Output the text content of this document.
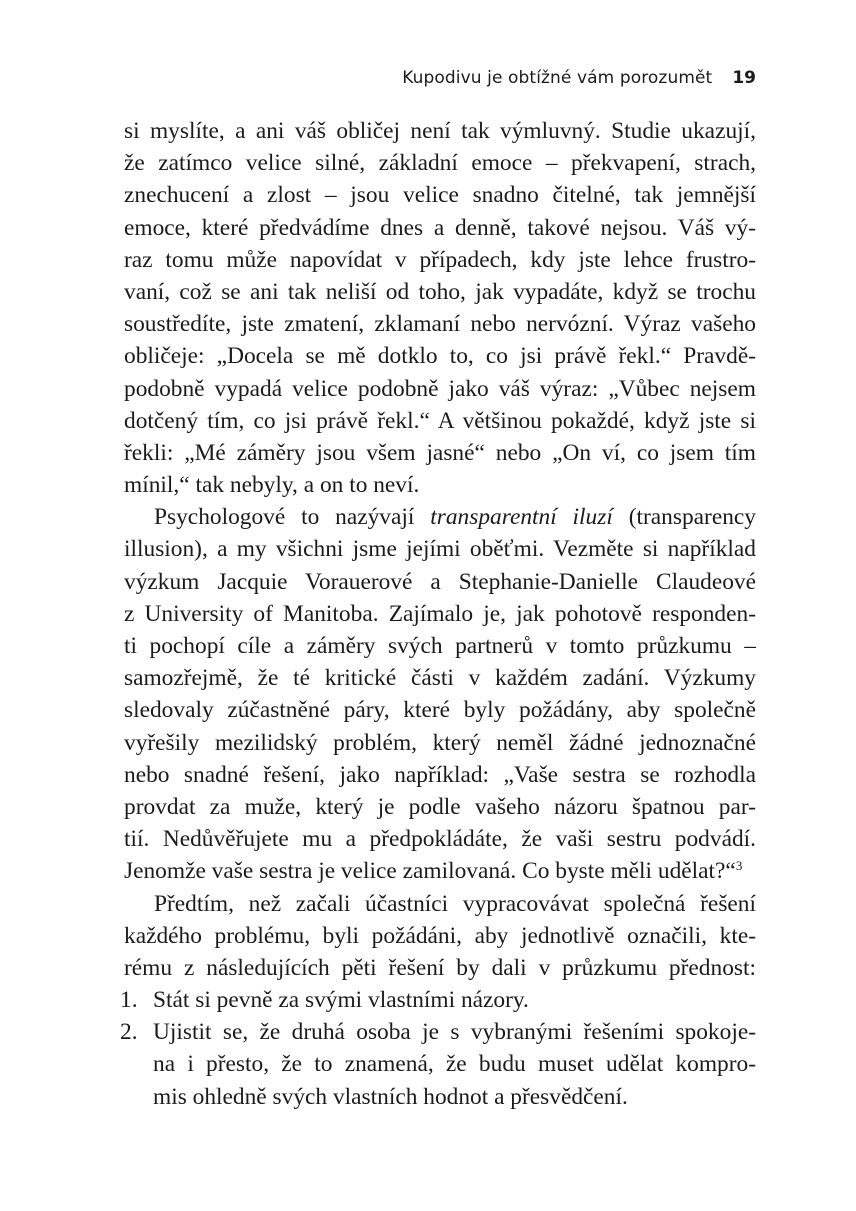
Kupodivu je obtížné vám porozumět 19
si myslíte, a ani váš obličej není tak výmluvný. Studie ukazují,
že zatímco velice silné, základní emoce – překvapení, strach,
znechucení a zlost – jsou velice snadno čitelné, tak jemnější
emoce, které předvádíme dnes a denně, takové nejsou. Váš vý-
raz tomu může napovídat v případech, kdy jste lehce frustro-
vaní, což se ani tak neliší od toho, jak vypadáte, když se trochu
soustředíte, jste zmatení, zklamaní nebo nervózní. Výraz vašeho
obličeje: „Docela se mě dotklo to, co jsi právě řekl.“ Pravdě-
podobně vypadá velice podobně jako váš výraz: „Vůbec nejsem
dotčený tím, co jsi právě řekl.“ A většinou pokaždé, když jste si
řekli: „Mé záměry jsou všem jasné“ nebo „On ví, co jsem tím
mínil,“ tak nebyly, a on to neví.
Psychologové to nazývají transparentní iluzí (transparency
illusion), a my všichni jsme jejími oběťmi. Vezměte si například
výzkum Jacquie Vorauerové a Stephanie-Danielle Claudeové
z University of Manitoba. Zajímalo je, jak pohotově responden-
ti pochopí cíle a záměry svých partnerů v tomto průzkumu –
samozřejmě, že té kritické části v každém zadání. Výzkumy
sledovaly zúčastněné páry, které byly požádány, aby společně
vyřešily mezilidský problém, který neměl žádné jednoznačné
nebo snadné řešení, jako například: „Vaše sestra se rozhodla
provdat za muže, který je podle vašeho názoru špatnou par-
tií. Nedůvěřujete mu a předpokládáte, že vaši sestru podvádí.
Jenomže vaše sestra je velice zamilovaná. Co byste měli udělat?“$^3$
Předtím, než začali účastníci vypracovávat společná řešení
každého problému, byli požádáni, aby jednotlivě označili, kte-
rému z následujících pěti řešení by dali v průzkumu přednost:
1. Stát si pevně za svými vlastními názory.
2. Ujistit se, že druhá osoba je s vybranými řešeními spokoje-
na i přesto, že to znamená, že budu muset udělat kompro-
mis ohledně svých vlastních hodnot a přesvědčení.
